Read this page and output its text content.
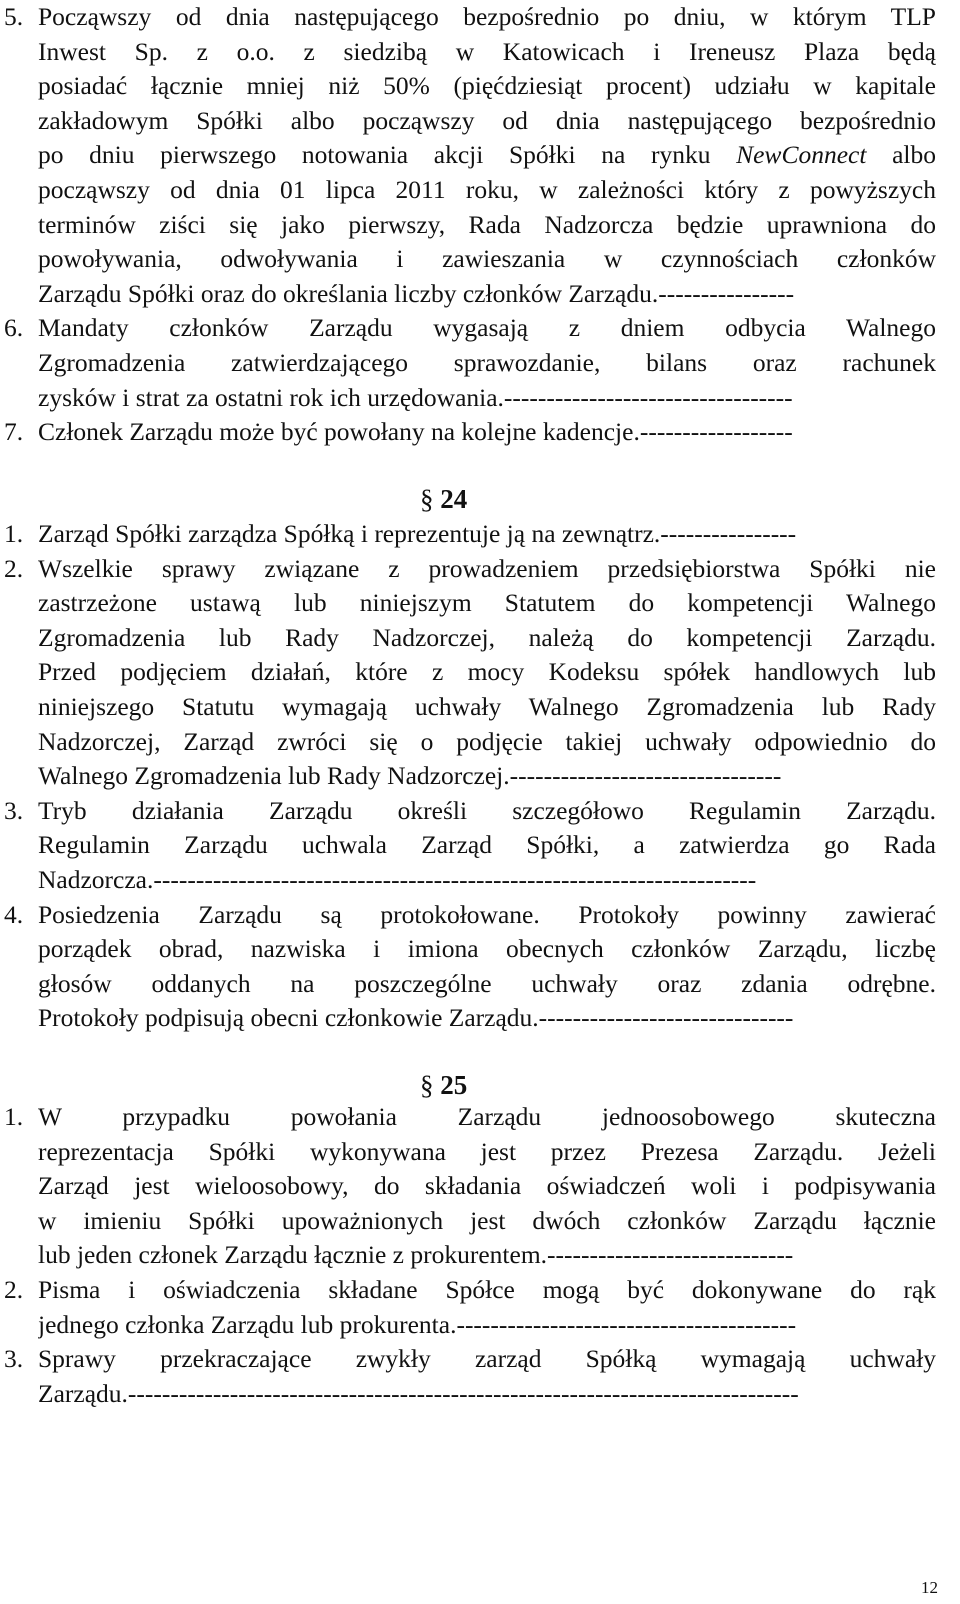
5. Począwszy od dnia następującego bezpośrednio po dniu, w którym TLP
Inwest Sp. z o.o. z siedzibą w Katowicach i Ireneusz Plaza będą
posiadać łącznie mniej niż 50% (pięćdziesiąt procent) udziału w kapitale
zakładowym Spółki albo począwszy od dnia następującego bezpośrednio
po dniu pierwszego notowania akcji Spółki na rynku NewConnect albo
począwszy od dnia 01 lipca 2011 roku, w zależności który z powyższych
terminów ziści się jako pierwszy, Rada Nadzorcza będzie uprawniona do
powoływania, odwoływania i zawieszania w czynnościach członków
Zarządu Spółki oraz do określania liczby członków Zarządu.----------------
6. Mandaty członków Zarządu wygasają z dniem odbycia Walnego
Zgromadzenia zatwierdzającego sprawozdanie, bilans oraz rachunek
zysków i strat za ostatni rok ich urzędowania.----------------------------------
7. Członek Zarządu może być powołany na kolejne kadencje.------------------
§ 24
1. Zarząd Spółki zarządza Spółką i reprezentuje ją na zewnątrz.----------------
2. Wszelkie sprawy związane z prowadzeniem przedsiębiorstwa Spółki nie
zastrzeżone ustawą lub niniejszym Statutem do kompetencji Walnego
Zgromadzenia lub Rady Nadzorczej, należą do kompetencji Zarządu.
Przed podjęciem działań, które z mocy Kodeksu spółek handlowych lub
niniejszego Statutu wymagają uchwały Walnego Zgromadzenia lub Rady
Nadzorczej, Zarząd zwróci się o podjęcie takiej uchwały odpowiednio do
Walnego Zgromadzenia lub Rady Nadzorczej.--------------------------------
3. Tryb działania Zarządu określi szczegółowo Regulamin Zarządu.
Regulamin Zarządu uchwala Zarząd Spółki, a zatwierdza go Rada
Nadzorcza.-----------------------------------------------------------------------
4. Posiedzenia Zarządu są protokołowane. Protokoły powinny zawierać
porządek obrad, nazwiska i imiona obecnych członków Zarządu, liczbę
głosów oddanych na poszczególne uchwały oraz zdania odrębne.
Protokoły podpisują obecni członkowie Zarządu.------------------------------
§ 25
1. W przypadku powołania Zarządu jednoosobowego skuteczna
reprezentacja Spółki wykonywana jest przez Prezesa Zarządu. Jeżeli
Zarząd jest wieloosobowy, do składania oświadczeń woli i podpisywania
w imieniu Spółki upoważnionych jest dwóch członków Zarządu łącznie
lub jeden członek Zarządu łącznie z prokurentem.-----------------------------
2. Pisma i oświadczenia składane Spółce mogą być dokonywane do rąk
jednego członka Zarządu lub prokurenta.----------------------------------------
3. Sprawy przekraczające zwykły zarząd Spółką wymagają uchwały
Zarządu.-------------------------------------------------------------------------------
12
